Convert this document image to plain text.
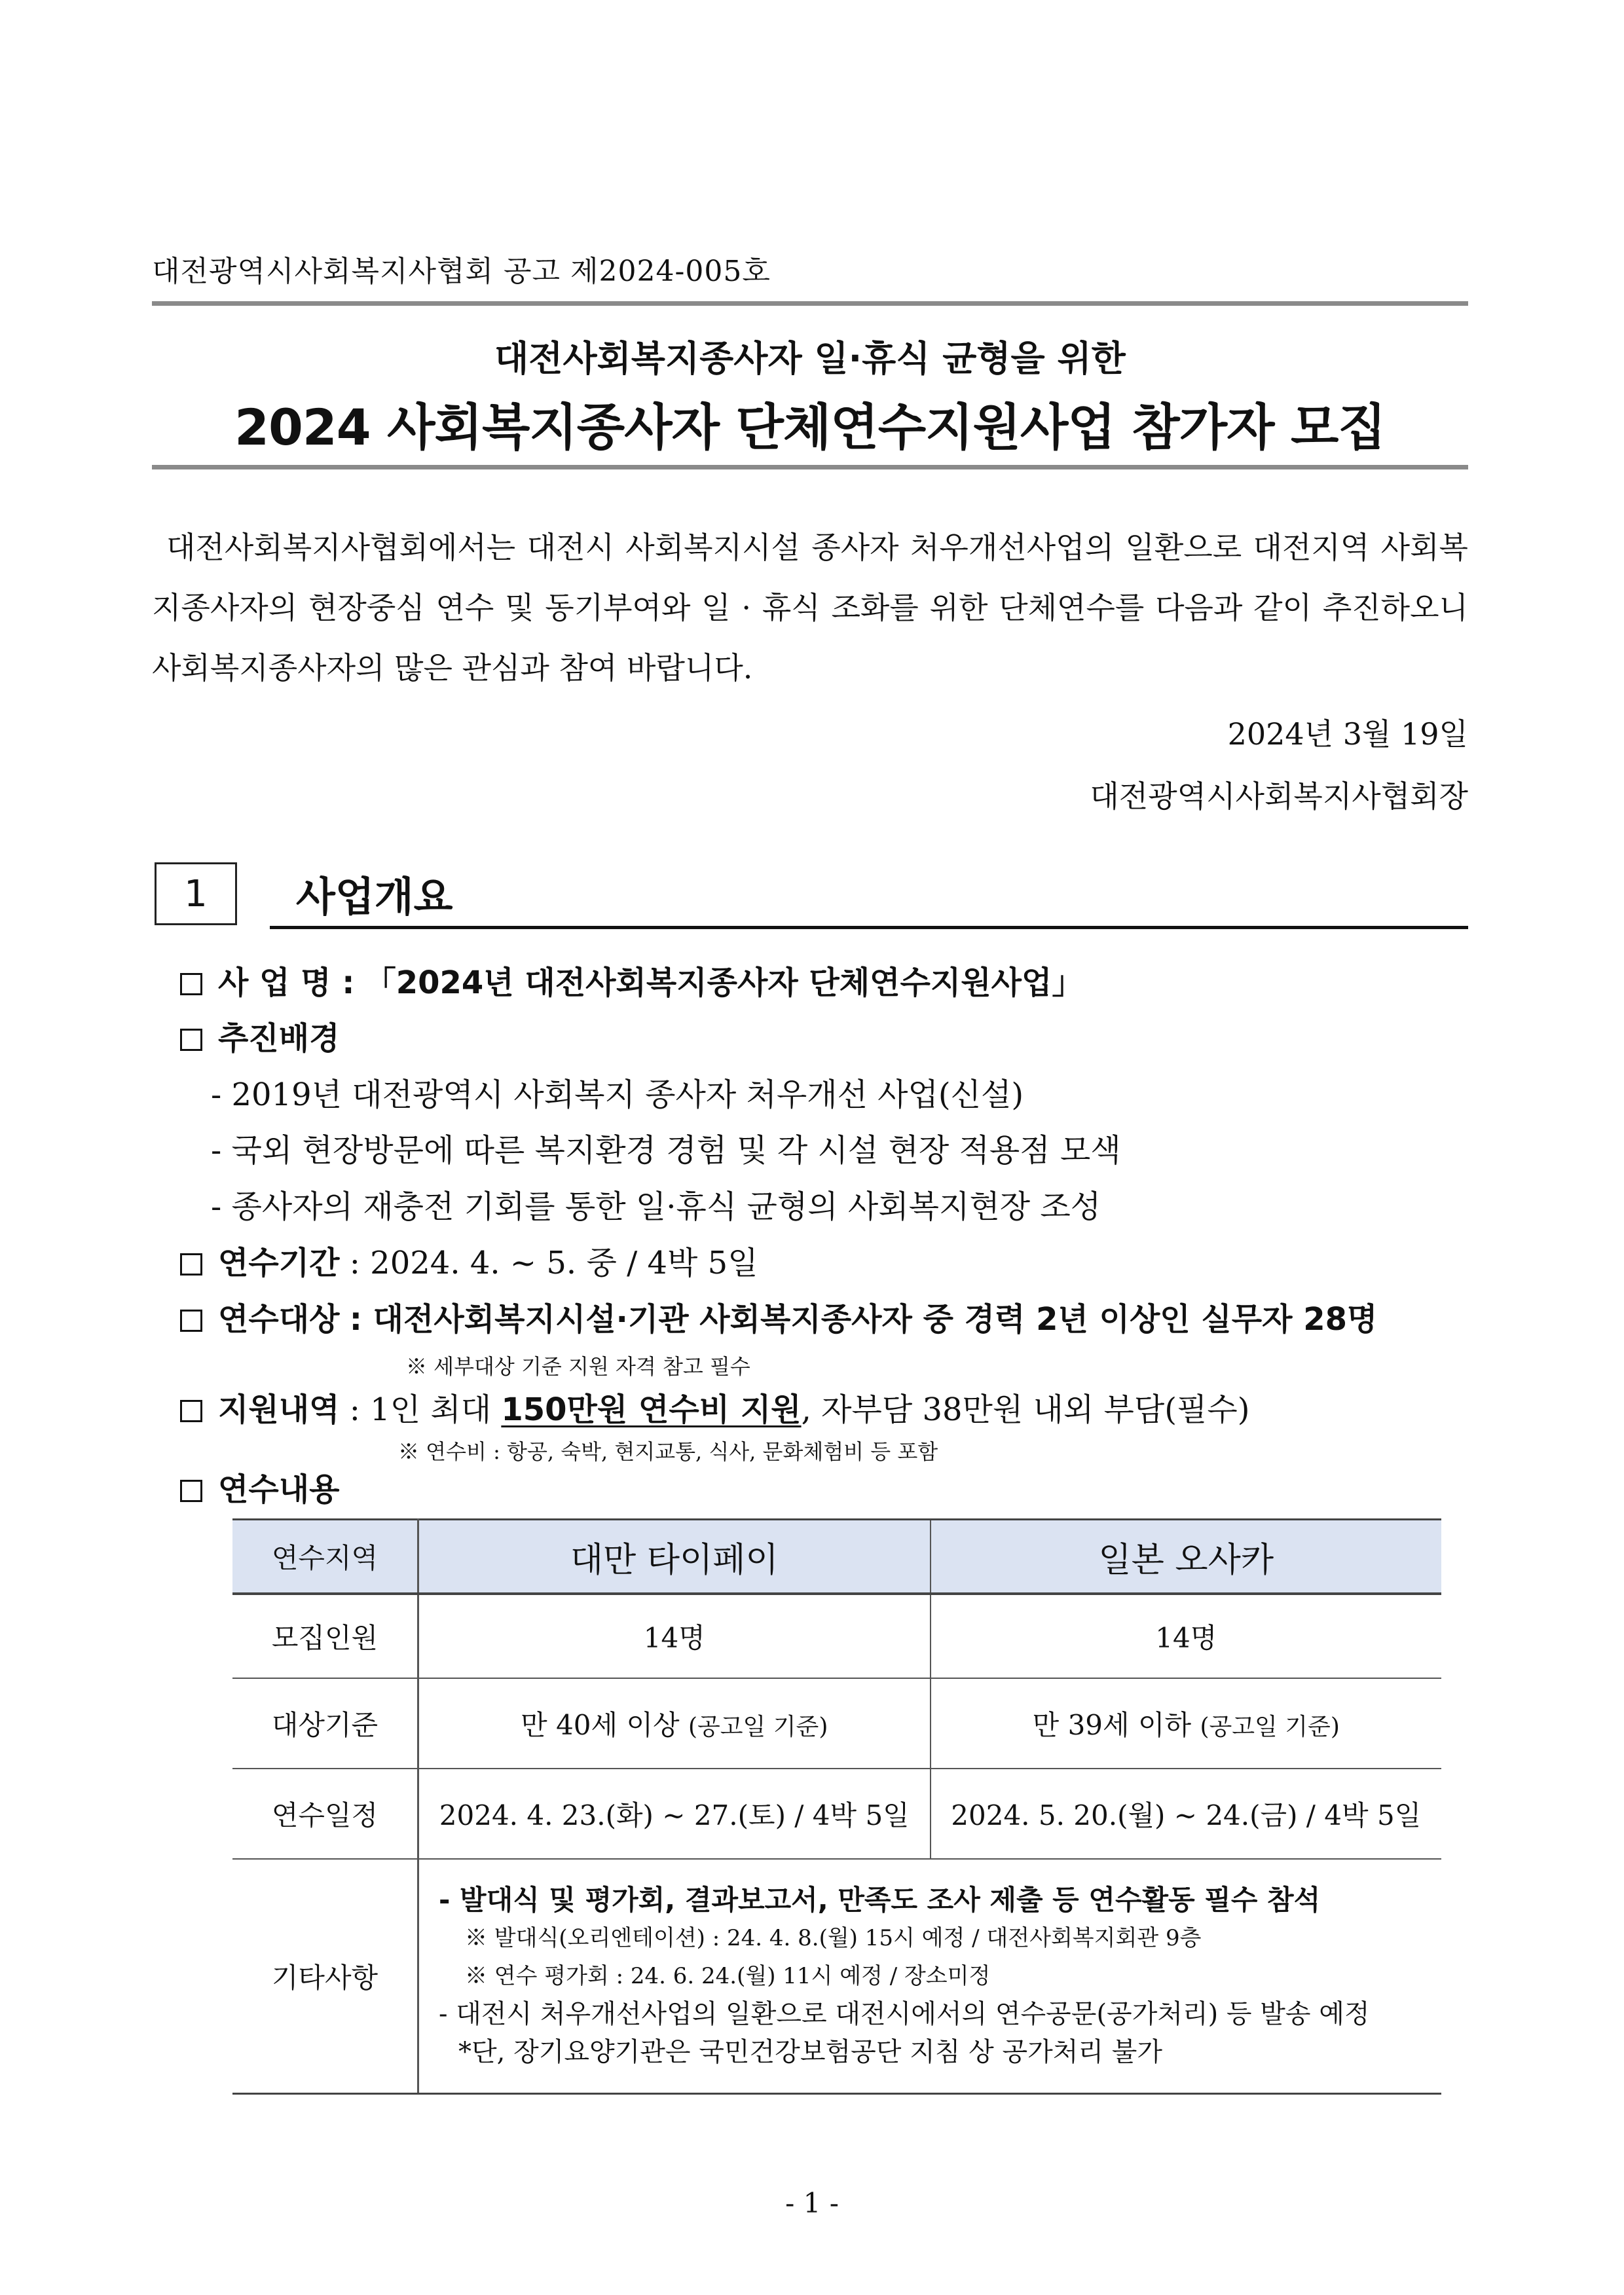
대전광역시사회복지사협회 공고 제2024-005호
대전사회복지종사자 일·휴식 균형을 위한
2024 사회복지종사자 단체연수지원사업 참가자 모집

대전사회복지사협회에서는 대전시 사회복지시설 종사자 처우개선사업의 일환으로 대전지역 사회복지종사자의 현장중심 연수 및 동기부여와 일 · 휴식 조화를 위한 단체연수를 다음과 같이 추진하오니 사회복지종사자의 많은 관심과 참여 바랍니다.

2024년 3월 19일
대전광역시사회복지사협회장
1	사업개요
사 업 명 : 「2024년 대전사회복지종사자 단체연수지원사업」
추진배경
- 2019년 대전광역시 사회복지 종사자 처우개선 사업(신설)
- 국외 현장방문에 따른 복지환경 경험 및 각 시설 현장 적용점 모색
- 종사자의 재충전 기회를 통한 일·휴식 균형의 사회복지현장 조성
연수기간 : 2024. 4. ~ 5. 중 / 4박 5일
연수대상 : 대전사회복지시설·기관 사회복지종사자 중 경력 2년 이상인 실무자 28명
※ 세부대상 기준 지원 자격 참고 필수
지원내역 : 1인 최대 150만원 연수비 지원, 자부담 38만원 내외 부담(필수)
※ 연수비 : 항공, 숙박, 현지교통, 식사, 문화체험비 등 포함
연수내용
연수지역	대만 타이페이	일본 오사카
모집인원	14명	14명
대상기준	만 40세 이상 (공고일 기준)	만 39세 이하 (공고일 기준)
연수일정	2024. 4. 23.(화) ~ 27.(토) / 4박 5일	2024. 5. 20.(월) ~ 24.(금) / 4박 5일
기타사항	- 발대식 및 평가회, 결과보고서, 만족도 조사 제출 등 연수활동 필수 참석
※ 발대식(오리엔테이션) : 24. 4. 8.(월) 15시 예정 / 대전사회복지회관 9층
※ 연수 평가회 : 24. 6. 24.(월) 11시 예정 / 장소미정
- 대전시 처우개선사업의 일환으로 대전시에서의 연수공문(공가처리) 등 발송 예정
*단, 장기요양기관은 국민건강보험공단 지침 상 공가처리 불가	
- 1 -
